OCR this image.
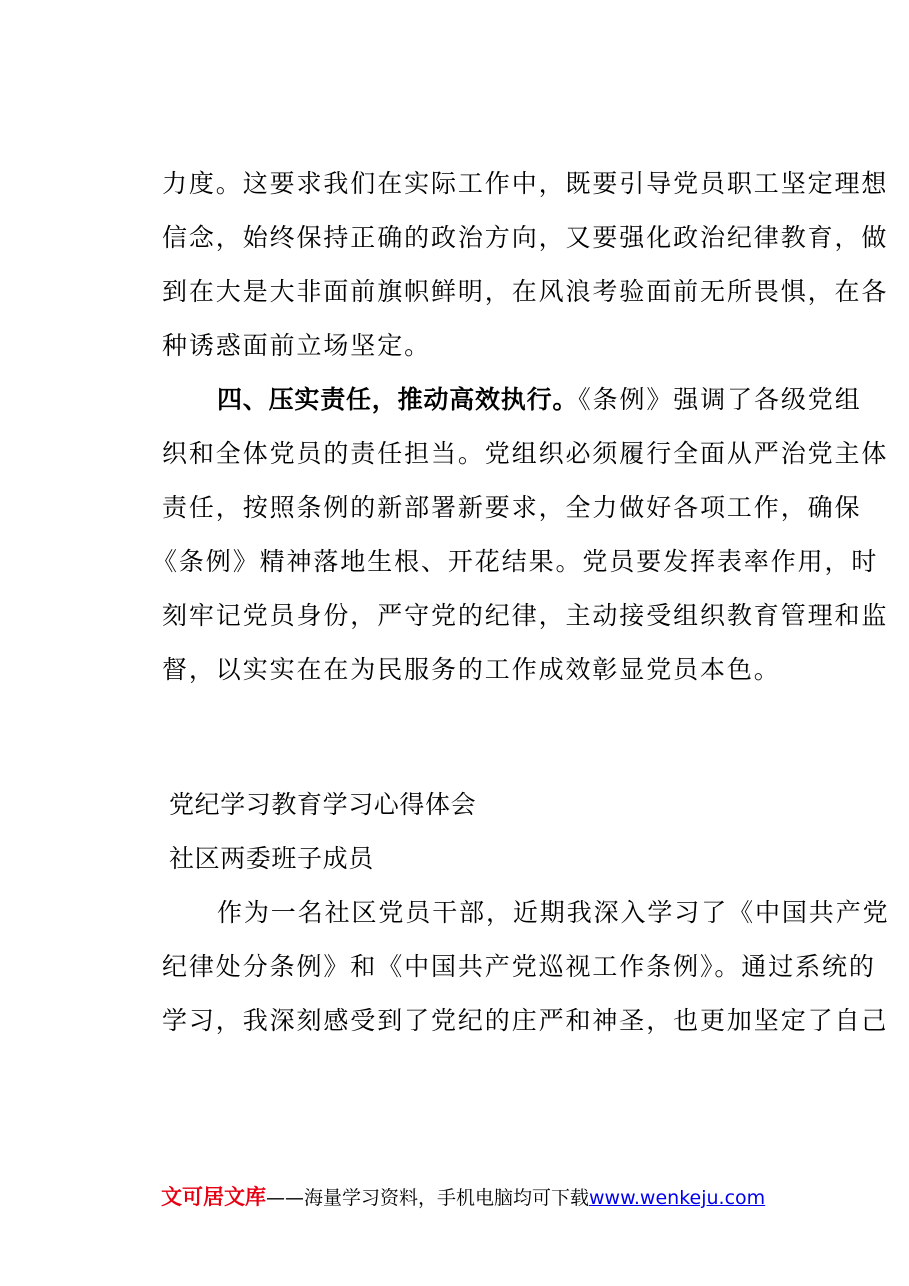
力度。这要求我们在实际工作中，既要引导党员职工坚定理想
信念，始终保持正确的政治方向，又要强化政治纪律教育，做
到在大是大非面前旗帜鲜明，在风浪考验面前无所畏惧，在各
种诱惑面前立场坚定。
四、压实责任，推动高效执行。《条例》强调了各级党组
织和全体党员的责任担当。党组织必须履行全面从严治党主体
责任，按照条例的新部署新要求，全力做好各项工作，确保
《条例》精神落地生根、开花结果。党员要发挥表率作用，时
刻牢记党员身份，严守党的纪律，主动接受组织教育管理和监
督，以实实在在为民服务的工作成效彰显党员本色。
党纪学习教育学习心得体会
社区两委班子成员
作为一名社区党员干部，近期我深入学习了《中国共产党
纪律处分条例》和《中国共产党巡视工作条例》。通过系统的
学习，我深刻感受到了党纪的庄严和神圣，也更加坚定了自己
文可居文库——海量学习资料，手机电脑均可下载www.wenkeju.com
